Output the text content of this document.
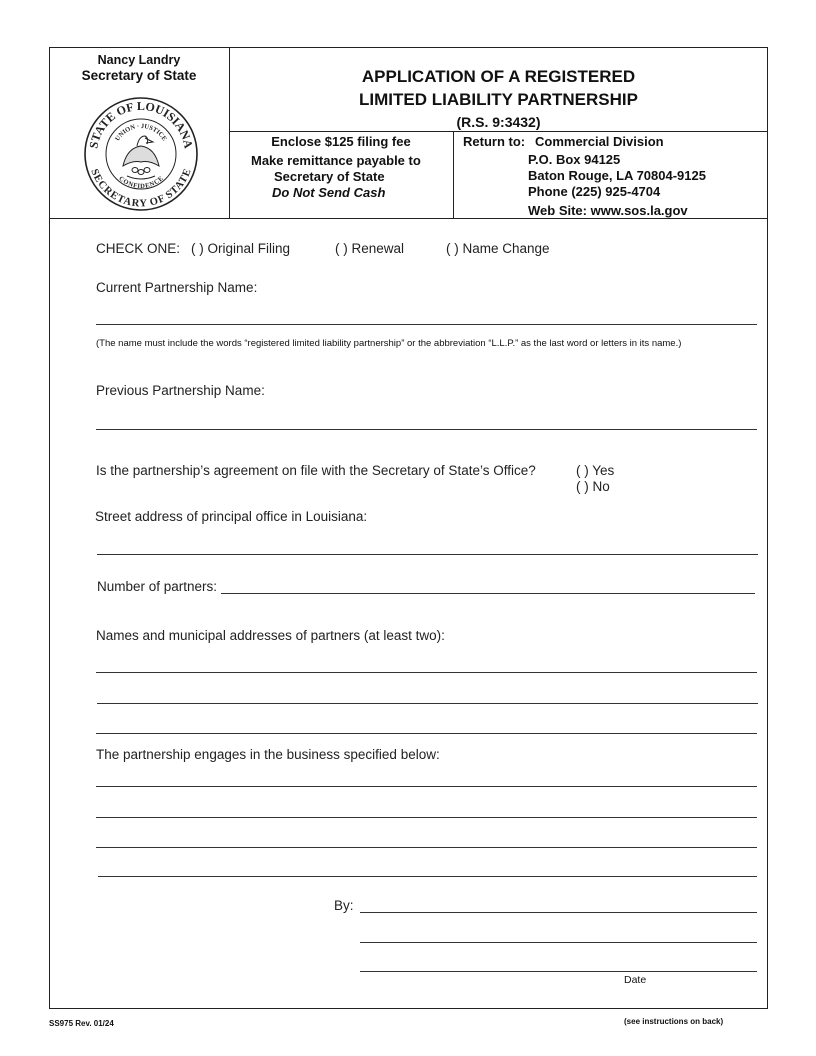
Nancy Landry
Secretary of State
STATE OF LOUISIANA
SECRETARY OF STATE
UNION · JUSTICE
CONFIDENCE
APPLICATION OF A REGISTERED
LIMITED LIABILITY PARTNERSHIP
(R.S. 9:3432)
Enclose $125 filing fee
Make remittance payable to
Secretary of State
Do Not Send Cash
Return to: Commercial Division
P.O. Box 94125
Baton Rouge, LA 70804-9125
Phone (225) 925-4704
Web Site: www.sos.la.gov
CHECK ONE: ( ) Original Filing	( ) Renewal	( ) Name Change
Current Partnership Name:
(The name must include the words “registered limited liability partnership” or the abbreviation “L.L.P.” as the last word or letters in its name.)
Previous Partnership Name:
Is the partnership’s agreement on file with the Secretary of State’s Office?	( ) Yes
( ) No
Street address of principal office in Louisiana:
Number of partners:
Names and municipal addresses of partners (at least two):
The partnership engages in the business specified below:
By:
Date
SS975 Rev. 01/24	(see instructions on back)
